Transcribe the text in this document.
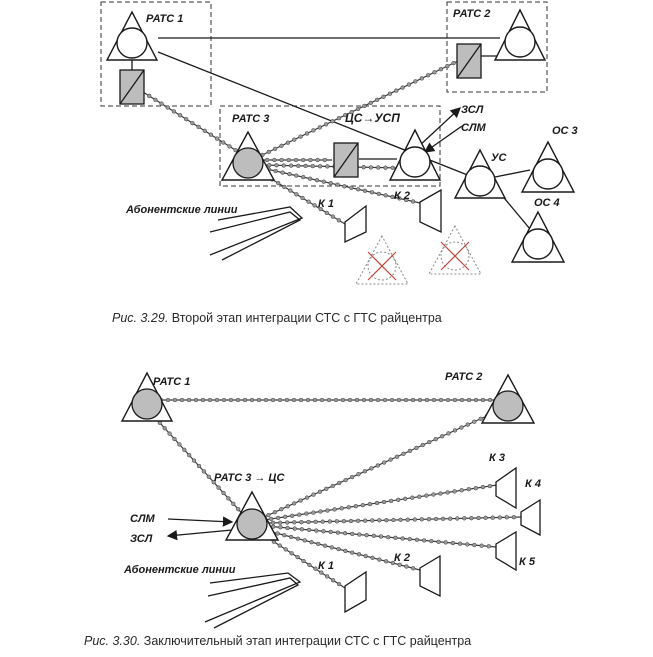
РАТС 1	РАТС 2
РАТС 3	ЦС→УСП
ЗСЛ
СЛМ
УС
ОС 3
ОС 4
К 1
К 2
Абонентские линии
Рис. 3.29. Второй этап интеграции СТС с ГТС райцентра
РАТС 1	РАТС 2
РАТС 3 → ЦС
СЛМ
ЗСЛ
Абонентские линии
К 3
К 4
К 5
К 2
К 1
Рис. 3.30. Заключительный этап интеграции СТС с ГТС райцентра
